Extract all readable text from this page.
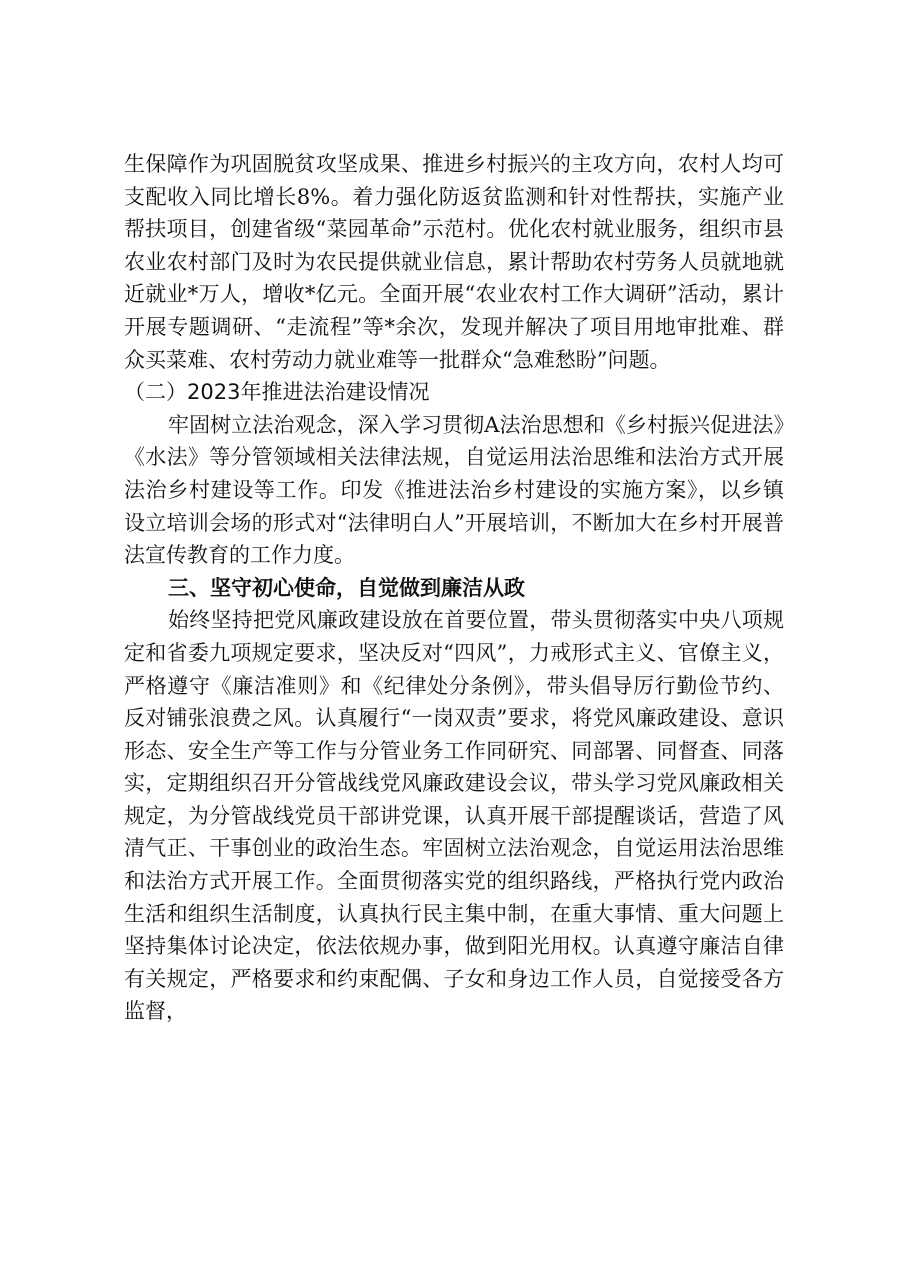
生保障作为巩固脱贫攻坚成果、推进乡村振兴的主攻方向，农村人均可支配收入同比增长8%。着力强化防返贫监测和针对性帮扶，实施产业帮扶项目，创建省级“菜园革命”示范村。优化农村就业服务，组织市县农业农村部门及时为农民提供就业信息，累计帮助农村劳务人员就地就近就业*万人，增收*亿元。全面开展“农业农村工作大调研”活动，累计开展专题调研、“走流程”等*余次，发现并解决了项目用地审批难、群众买菜难、农村劳动力就业难等一批群众“急难愁盼”问题。

（二）2023年推进法治建设情况

牢固树立法治观念，深入学习贯彻A法治思想和《乡村振兴促进法》《水法》等分管领域相关法律法规，自觉运用法治思维和法治方式开展法治乡村建设等工作。印发《推进法治乡村建设的实施方案》，以乡镇设立培训会场的形式对“法律明白人”开展培训，不断加大在乡村开展普法宣传教育的工作力度。

三、坚守初心使命，自觉做到廉洁从政

始终坚持把党风廉政建设放在首要位置，带头贯彻落实中央八项规定和省委九项规定要求，坚决反对“四风”，力戒形式主义、官僚主义，严格遵守《廉洁准则》和《纪律处分条例》，带头倡导厉行勤俭节约、反对铺张浪费之风。认真履行“一岗双责”要求，将党风廉政建设、意识形态、安全生产等工作与分管业务工作同研究、同部署、同督查、同落实，定期组织召开分管战线党风廉政建设会议，带头学习党风廉政相关规定，为分管战线党员干部讲党课，认真开展干部提醒谈话，营造了风清气正、干事创业的政治生态。牢固树立法治观念，自觉运用法治思维和法治方式开展工作。全面贯彻落实党的组织路线，严格执行党内政治生活和组织生活制度，认真执行民主集中制，在重大事情、重大问题上坚持集体讨论决定，依法依规办事，做到阳光用权。认真遵守廉洁自律有关规定，严格要求和约束配偶、子女和身边工作人员，自觉接受各方监督，
